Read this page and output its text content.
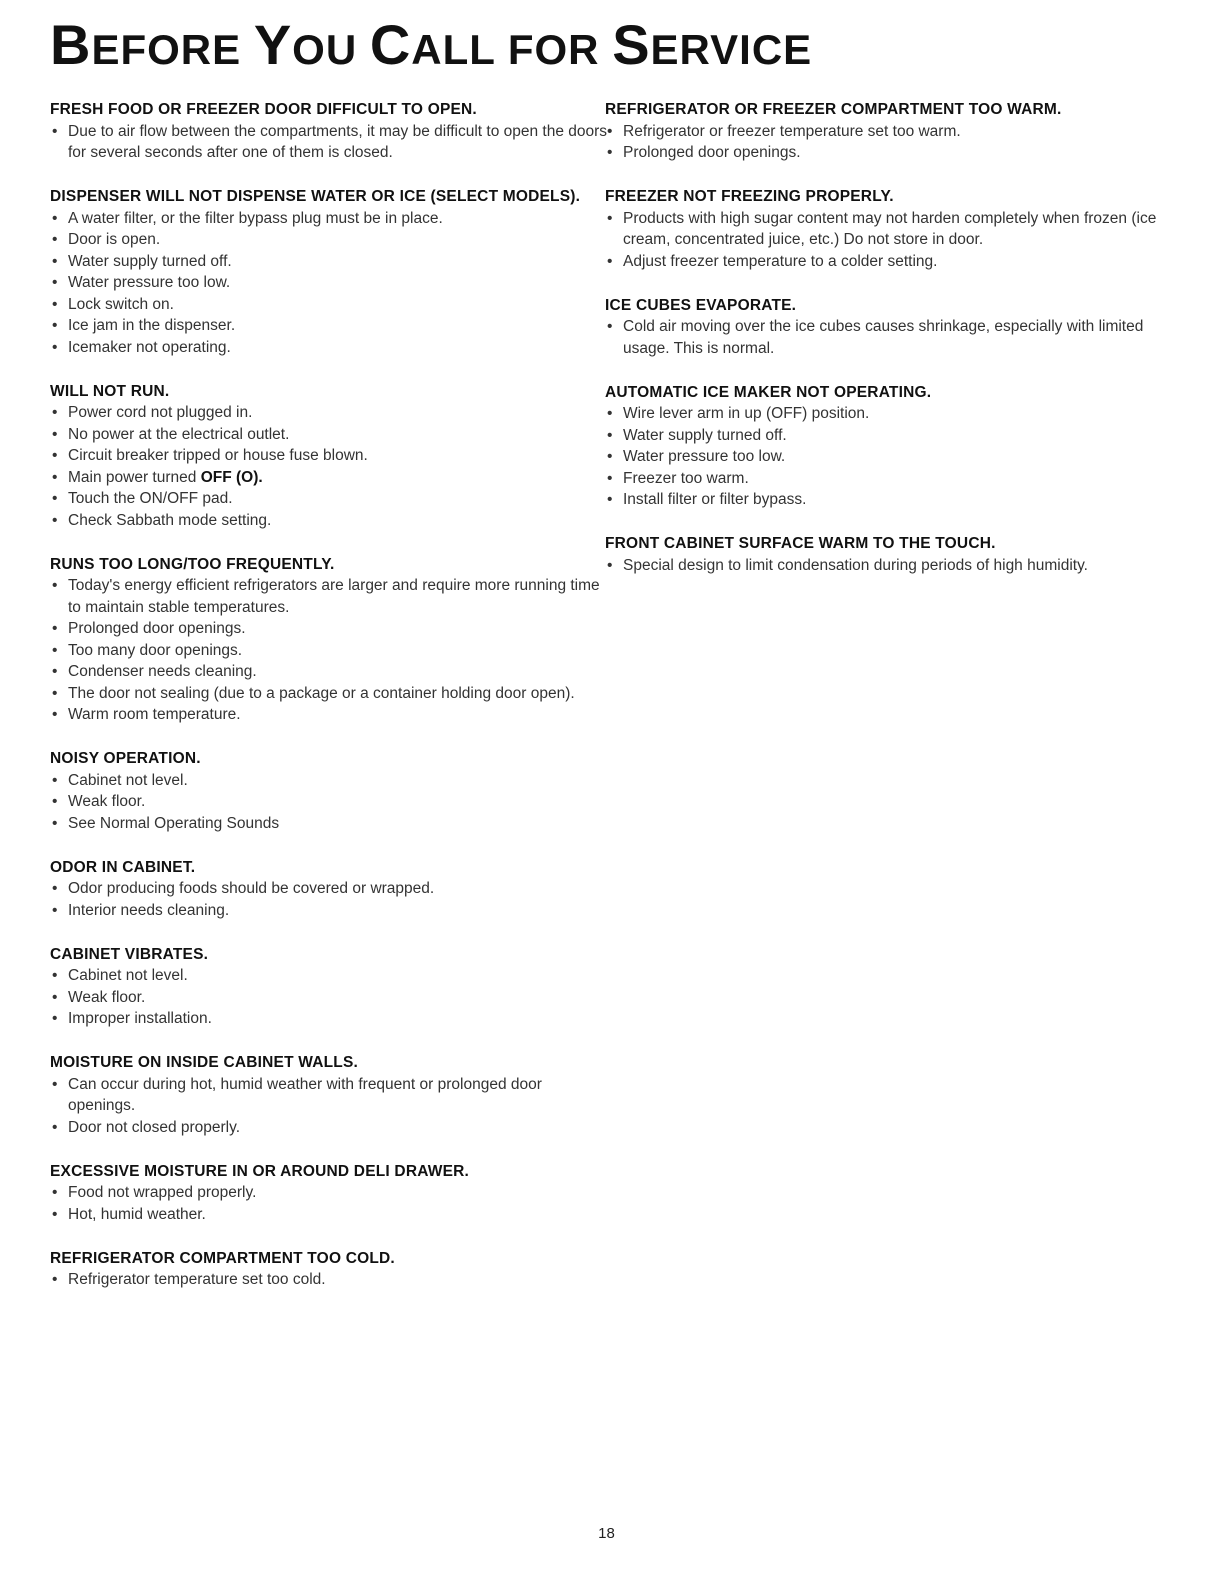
BEFORE YOU CALL FOR SERVICE
FRESH FOOD OR FREEZER DOOR DIFFICULT TO OPEN.
• Due to air flow between the compartments, it may be difficult to open the doors for several seconds after one of them is closed.
DISPENSER WILL NOT DISPENSE WATER OR ICE (SELECT MODELS).
• A water filter, or the filter bypass plug must be in place.
• Door is open.
• Water supply turned off.
• Water pressure too low.
• Lock switch on.
• Ice jam in the dispenser.
• Icemaker not operating.
WILL NOT RUN.
• Power cord not plugged in.
• No power at the electrical outlet.
• Circuit breaker tripped or house fuse blown.
• Main power turned OFF (O).
• Touch the ON/OFF pad.
• Check Sabbath mode setting.
RUNS TOO LONG/TOO FREQUENTLY.
• Today's energy efficient refrigerators are larger and require more running time to maintain stable temperatures.
• Prolonged door openings.
• Too many door openings.
• Condenser needs cleaning.
• The door not sealing (due to a package or a container holding door open).
• Warm room temperature.
NOISY OPERATION.
• Cabinet not level.
• Weak floor.
• See Normal Operating Sounds
ODOR IN CABINET.
• Odor producing foods should be covered or wrapped.
• Interior needs cleaning.
CABINET VIBRATES.
• Cabinet not level.
• Weak floor.
• Improper installation.
MOISTURE ON INSIDE CABINET WALLS.
• Can occur during hot, humid weather with frequent or prolonged door openings.
• Door not closed properly.
EXCESSIVE MOISTURE IN OR AROUND DELI DRAWER.
• Food not wrapped properly.
• Hot, humid weather.
REFRIGERATOR COMPARTMENT TOO COLD.
• Refrigerator temperature set too cold.
REFRIGERATOR OR FREEZER COMPARTMENT TOO WARM.
• Refrigerator or freezer temperature set too warm.
• Prolonged door openings.
FREEZER NOT FREEZING PROPERLY.
• Products with high sugar content may not harden completely when frozen (ice cream, concentrated juice, etc.) Do not store in door.
• Adjust freezer temperature to a colder setting.
ICE CUBES EVAPORATE.
• Cold air moving over the ice cubes causes shrinkage, especially with limited usage. This is normal.
AUTOMATIC ICE MAKER NOT OPERATING.
• Wire lever arm in up (OFF) position.
• Water supply turned off.
• Water pressure too low.
• Freezer too warm.
• Install filter or filter bypass.
FRONT CABINET SURFACE WARM TO THE TOUCH.
• Special design to limit condensation during periods of high humidity.
18
